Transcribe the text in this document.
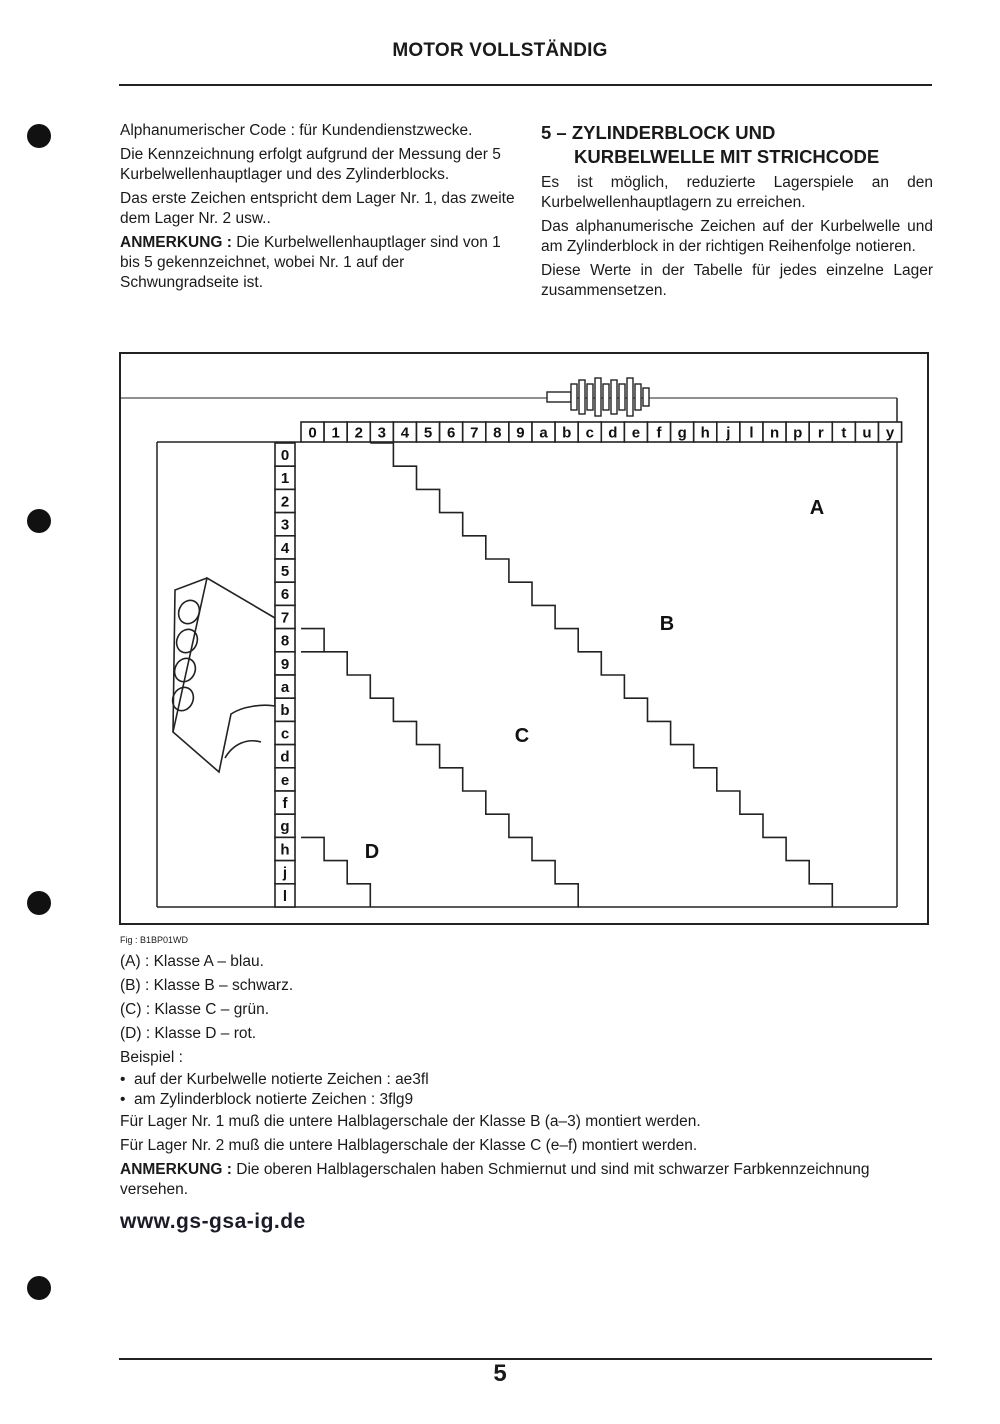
MOTOR VOLLSTÄNDIG

Alphanumerischer Code : für Kundendienstzwecke.

Die Kennzeichnung erfolgt aufgrund der Messung der 5 Kurbelwellenhauptlager und des Zylinderblocks.

Das erste Zeichen entspricht dem Lager Nr. 1, das zweite dem Lager Nr. 2 usw..

ANMERKUNG : Die Kurbelwellenhauptlager sind von 1 bis 5 gekennzeichnet, wobei Nr. 1 auf der Schwungradseite ist.

5 – ZYLINDERBLOCK UND
KURBELWELLE MIT STRICHCODE

Es ist möglich, reduzierte Lagerspiele an den Kurbelwellenhauptlagern zu erreichen.

Das alphanumerische Zeichen auf der Kurbelwelle und am Zylinderblock in der richtigen Reihenfolge notieren.

Diese Werte in der Tabelle für jedes einzelne Lager zusammensetzen.

0 1 2 3 4 5 6 7 8 9 a b c d e f g h j l n p r t u y
0
1
2
3
4
5
6
7
8
9
a
b
c
d
e
f
g
h
j
l
A
B
C
D
Fig : B1BP01WD

(A) : Klasse A – blau.

(B) : Klasse B – schwarz.

(C) : Klasse C – grün.

(D) : Klasse D – rot.

Beispiel :

• auf der Kurbelwelle notierte Zeichen : ae3fl
• am Zylinderblock notierte Zeichen : 3flg9

Für Lager Nr. 1 muß die untere Halblagerschale der Klasse B (a–3) montiert werden.

Für Lager Nr. 2 muß die untere Halblagerschale der Klasse C (e–f) montiert werden.

ANMERKUNG : Die oberen Halblagerschalen haben Schmiernut und sind mit schwarzer Farbkennzeichnung versehen.

www.gs-gsa-ig.de
5
